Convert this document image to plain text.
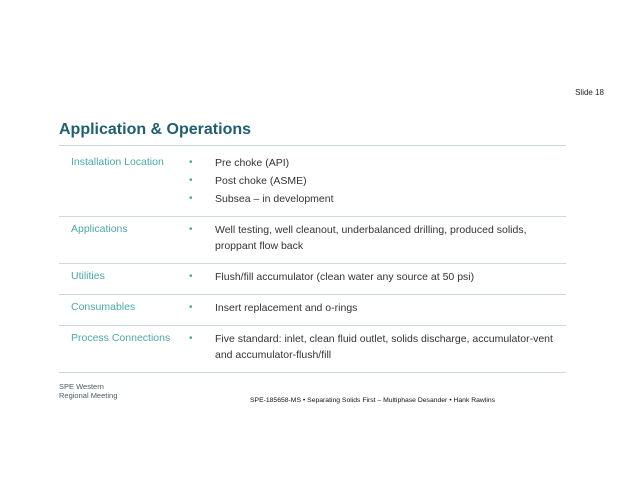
Slide 18
Application & Operations
Installation Location	•	Pre choke (API)
•	Post choke (ASME)
•	Subsea – in development
Applications	•	Well testing, well cleanout, underbalanced drilling, produced solids, proppant flow back
Utilities	•	Flush/fill accumulator (clean water any source at 50 psi)
Consumables	•	Insert replacement and o-rings
Process Connections	•	Five standard: inlet, clean fluid outlet, solids discharge, accumulator-vent and accumulator-flush/fill
SPE Western
Regional Meeting
SPE-185658-MS • Separating Solids First – Multiphase Desander • Hank Rawlins
